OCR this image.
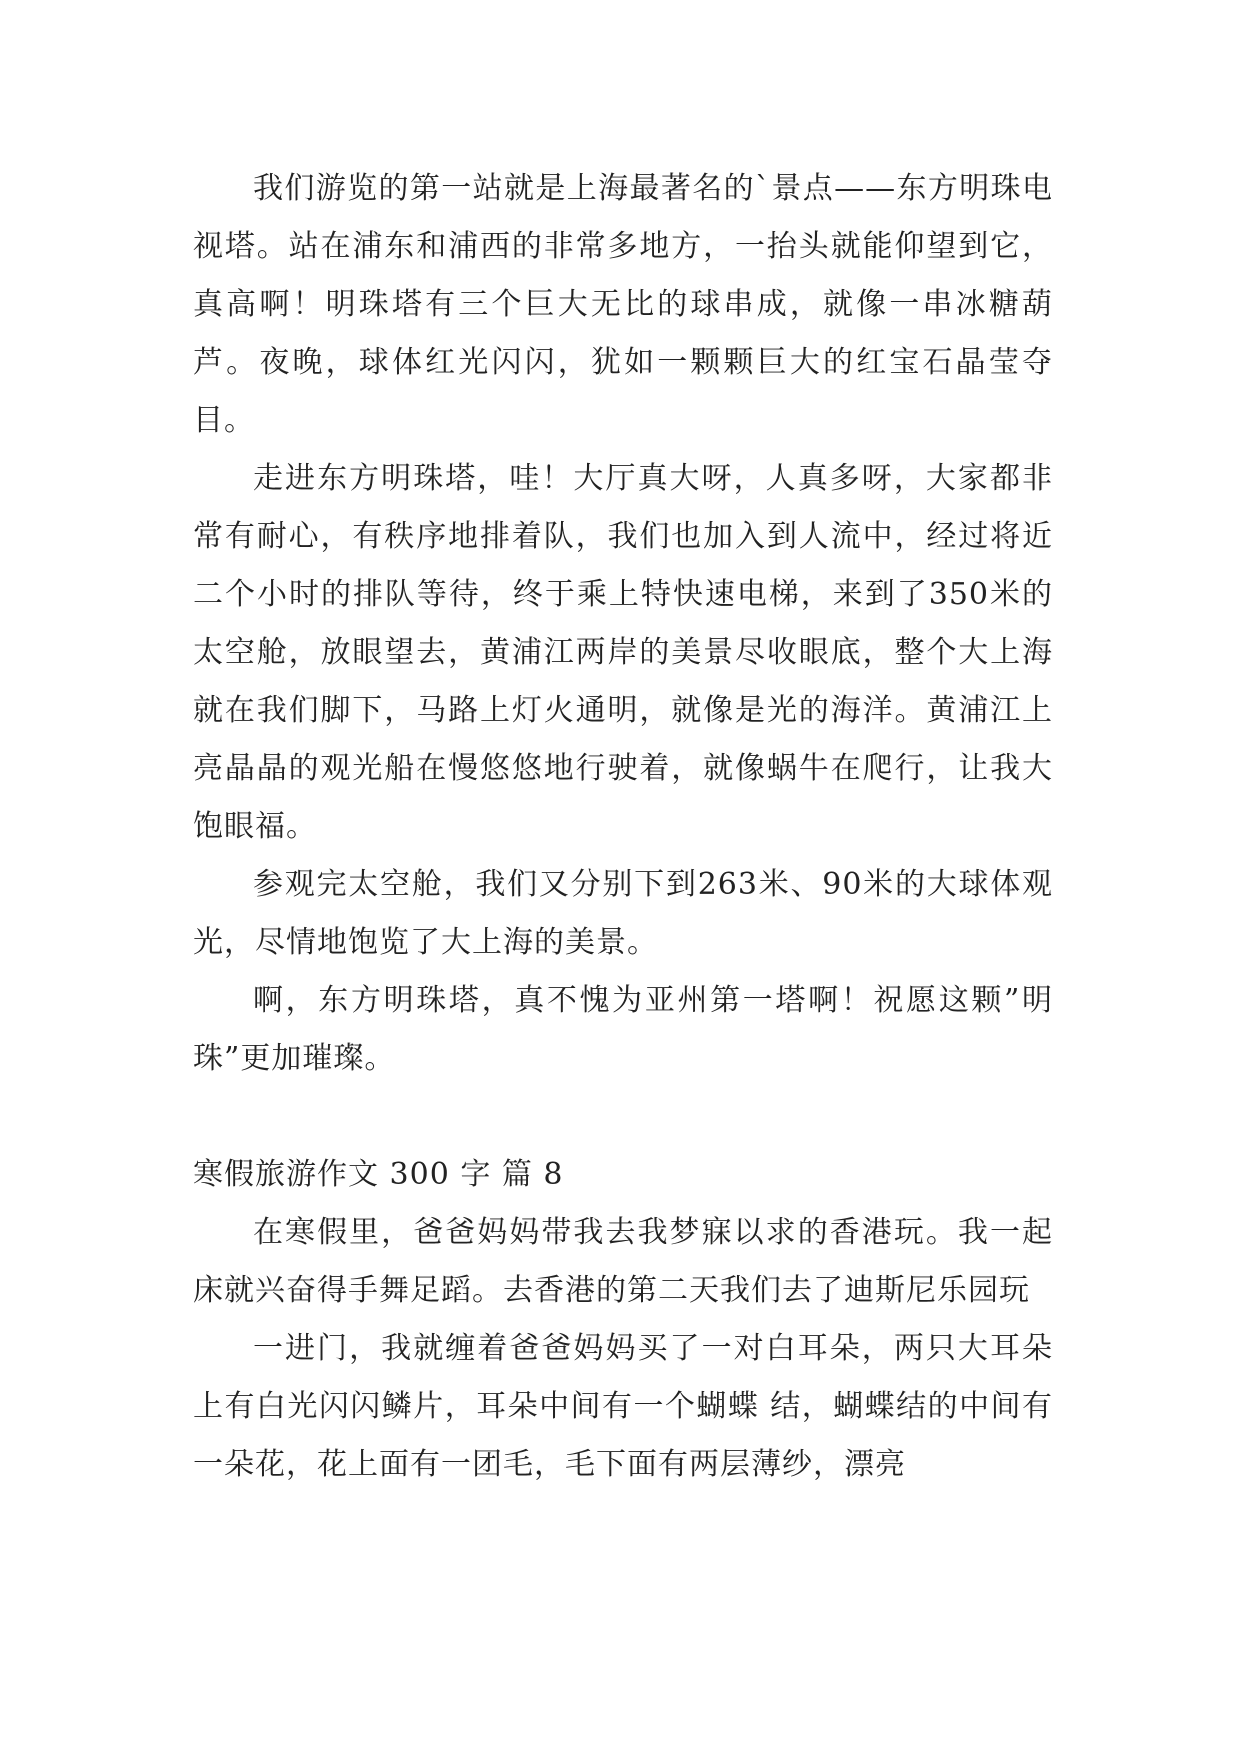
我们游览的第一站就是上海最著名的`景点——东方明珠电视塔。站在浦东和浦西的非常多地方，一抬头就能仰望到它，真高啊！明珠塔有三个巨大无比的球串成，就像一串冰糖葫芦。夜晚，球体红光闪闪，犹如一颗颗巨大的红宝石晶莹夺目。

走进东方明珠塔，哇！大厅真大呀，人真多呀，大家都非常有耐心，有秩序地排着队，我们也加入到人流中，经过将近二个小时的排队等待，终于乘上特快速电梯，来到了350米的太空舱，放眼望去，黄浦江两岸的美景尽收眼底，整个大上海就在我们脚下，马路上灯火通明，就像是光的海洋。黄浦江上亮晶晶的观光船在慢悠悠地行驶着，就像蜗牛在爬行，让我大饱眼福。

参观完太空舱，我们又分别下到263米、90米的大球体观光，尽情地饱览了大上海的美景。

啊，东方明珠塔，真不愧为亚州第一塔啊！祝愿这颗”明珠”更加璀璨。

寒假旅游作文 300 字 篇 8

在寒假里，爸爸妈妈带我去我梦寐以求的香港玩。我一起床就兴奋得手舞足蹈。去香港的第二天我们去了迪斯尼乐园玩

一进门，我就缠着爸爸妈妈买了一对白耳朵，两只大耳朵上有白光闪闪鳞片，耳朵中间有一个蝴蝶 结，蝴蝶结的中间有一朵花，花上面有一团毛，毛下面有两层薄纱，漂亮
